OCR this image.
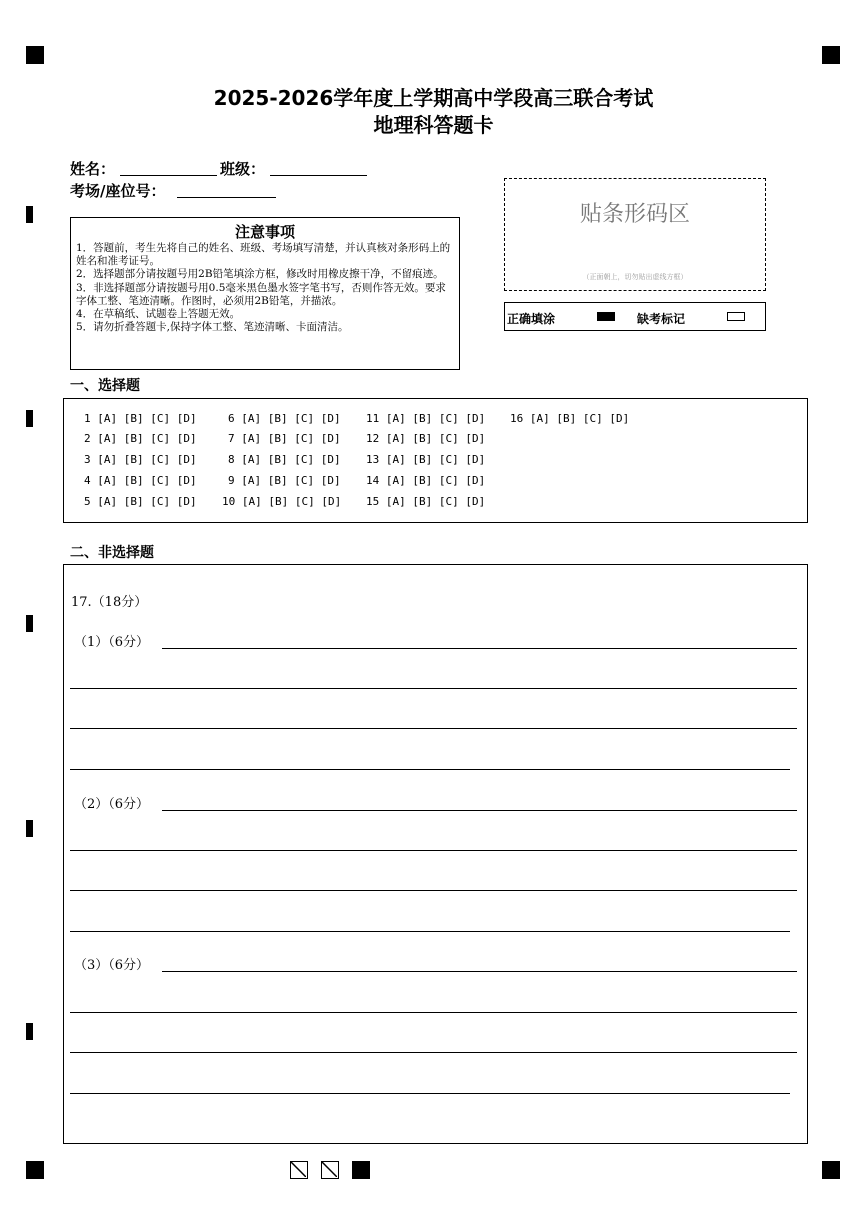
2025-2026学年度上学期高中学段高三联合考试
地理科答题卡
姓名：	班级：
考场/座位号：
注意事项
1．答题前，考生先将自己的姓名、班级、考场填写清楚，并认真核对条形码上的姓名和准考证号。
2．选择题部分请按题号用2B铅笔填涂方框，修改时用橡皮擦干净，不留痕迹。
3．非选择题部分请按题号用0.5毫米黑色墨水签字笔书写，否则作答无效。要求字体工整、笔迹清晰。作图时，必须用2B铅笔，并描浓。
4．在草稿纸、试题卷上答题无效。
5．请勿折叠答题卡,保持字体工整、笔迹清晰、卡面清洁。
贴条形码区
（正面朝上，切勿贴出虚线方框）
正确填涂	缺考标记
一、选择题
1 [A] [B] [C] [D]	6 [A] [B] [C] [D] 11 [A] [B] [C] [D] 16 [A] [B] [C] [D]
2 [A] [B] [C] [D]	7 [A] [B] [C] [D] 12 [A] [B] [C] [D]
3 [A] [B] [C] [D]	8 [A] [B] [C] [D] 13 [A] [B] [C] [D]
4 [A] [B] [C] [D]	9 [A] [B] [C] [D] 14 [A] [B] [C] [D]
5 [A] [B] [C] [D] 10 [A] [B] [C] [D] 15 [A] [B] [C] [D]
二、非选择题
17.（18分）
（1）（6分）
（2）（6分）
（3）（6分）
